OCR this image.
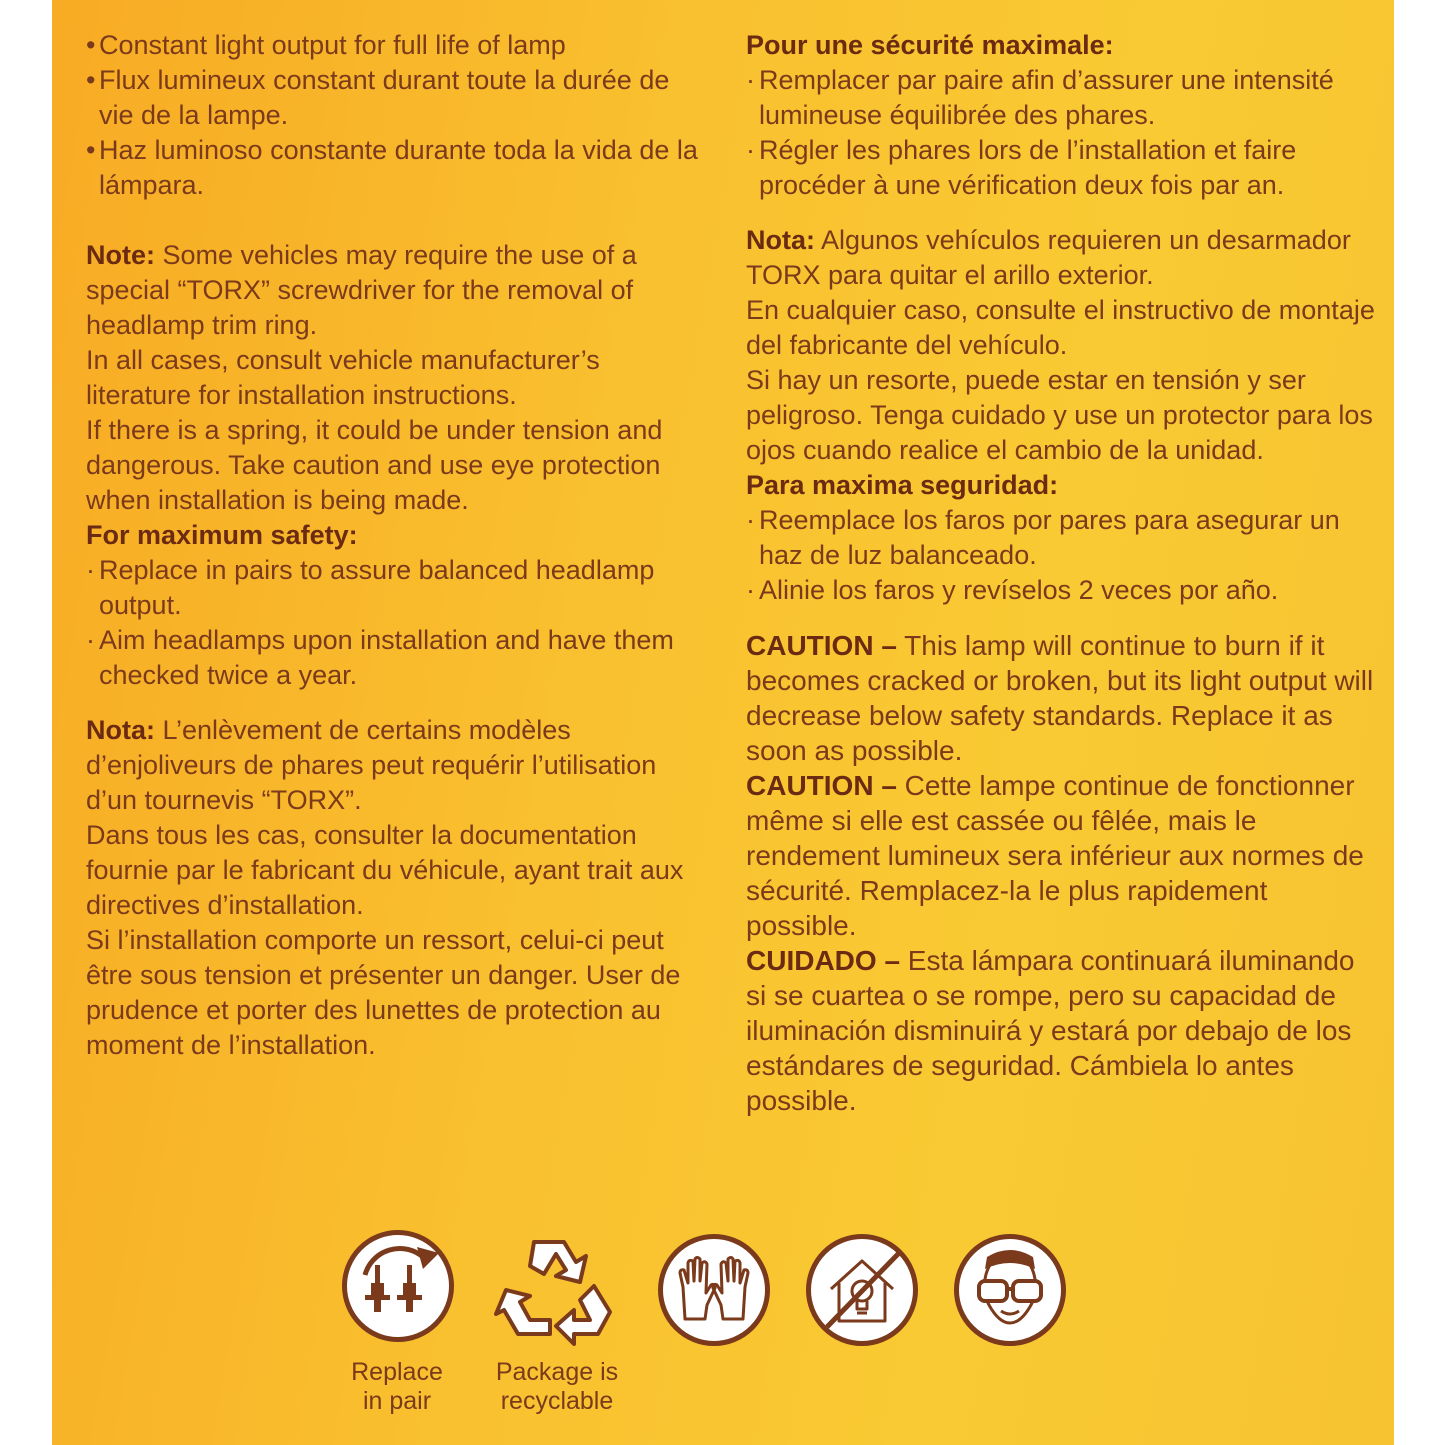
• Constant light output for full life of lamp
• Flux lumineux constant durant toute la durée de vie de la lampe.
• Haz luminoso constante durante toda la vida de la lámpara.

Note: Some vehicles may require the use of a special “TORX” screwdriver for the removal of headlamp trim ring.

In all cases, consult vehicle manufacturer’s literature for installation instructions.

If there is a spring, it could be under tension and dangerous. Take caution and use eye protection when installation is being made.

For maximum safety:

· Replace in pairs to assure balanced headlamp output.
· Aim headlamps upon installation and have them checked twice a year.

Nota: L’enlèvement de certains modèles d’enjoliveurs de phares peut requérir l’utilisation d’un tournevis “TORX”.

Dans tous les cas, consulter la documentation fournie par le fabricant du véhicule, ayant trait aux directives d’installation.

Si l’installation comporte un ressort, celui-ci peut être sous tension et présenter un danger. User de prudence et porter des lunettes de protection au moment de l’installation.

Pour une sécurité maximale:

· Remplacer par paire afin d’assurer une intensité lumineuse équilibrée des phares.
· Régler les phares lors de l’installation et faire procéder à une vérification deux fois par an.

Nota: Algunos vehículos requieren un desarmador TORX para quitar el arillo exterior.

En cualquier caso, consulte el instructivo de montaje del fabricante del vehículo.

Si hay un resorte, puede estar en tensión y ser peligroso. Tenga cuidado y use un protector para los ojos cuando realice el cambio de la unidad.

Para maxima seguridad:

· Reemplace los faros por pares para asegurar un haz de luz balanceado.
· Alinie los faros y revíselos 2 veces por año.

CAUTION – This lamp will continue to burn if it becomes cracked or broken, but its light output will decrease below safety standards. Replace it as soon as possible.

CAUTION – Cette lampe continue de fonctionner même si elle est cassée ou fêlée, mais le rendement lumineux sera inférieur aux normes de sécurité. Remplacez-la le plus rapidement possible.

CUIDADO – Esta lámpara continuará iluminando si se cuartea o se rompe, pero su capacidad de iluminación disminuirá y estará por debajo de los estándares de seguridad. Cámbiela lo antes possible.

Replace
in pair
Package is
recyclable
